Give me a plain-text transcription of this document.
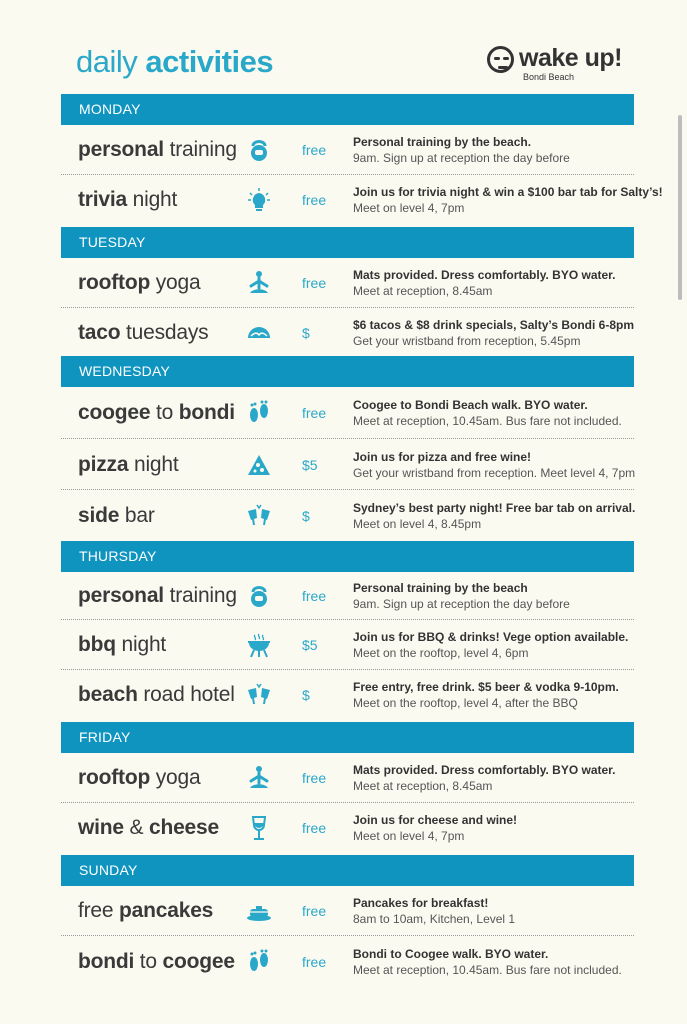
daily activities	wake up!
Bondi Beach
MONDAY
personal training	free Personal training by the beach.
9am. Sign up at reception the day before
trivia night	free Join us for trivia night & win a $100 bar tab for Salty’s!
Meet on level 4, 7pm
TUESDAY
rooftop yoga	free Mats provided. Dress comfortably. BYO water.
Meet at reception, 8.45am
taco tuesdays	$	$6 tacos & $8 drink specials, Salty’s Bondi 6-8pm
Get your wristband from reception, 5.45pm
WEDNESDAY
coogee to bondi	free Coogee to Bondi Beach walk. BYO water.
Meet at reception, 10.45am. Bus fare not included.
pizza night	$5	Join us for pizza and free wine!
Get your wristband from reception. Meet level 4, 7pm
side bar	$	Sydney’s best party night! Free bar tab on arrival.
Meet on level 4, 8.45pm
THURSDAY
personal training	free Personal training by the beach
9am. Sign up at reception the day before
bbq night	$5	Join us for BBQ & drinks! Vege option available.
Meet on the rooftop, level 4, 6pm
beach road hotel	$	Free entry, free drink. $5 beer & vodka 9-10pm.
Meet on the rooftop, level 4, after the BBQ
FRIDAY
rooftop yoga	free Mats provided. Dress comfortably. BYO water.
Meet at reception, 8.45am
wine & cheese	free Join us for cheese and wine!
Meet on level 4, 7pm
SUNDAY
free pancakes	free Pancakes for breakfast!
8am to 10am, Kitchen, Level 1
bondi to coogee	free Bondi to Coogee walk. BYO water.
Meet at reception, 10.45am. Bus fare not included.
